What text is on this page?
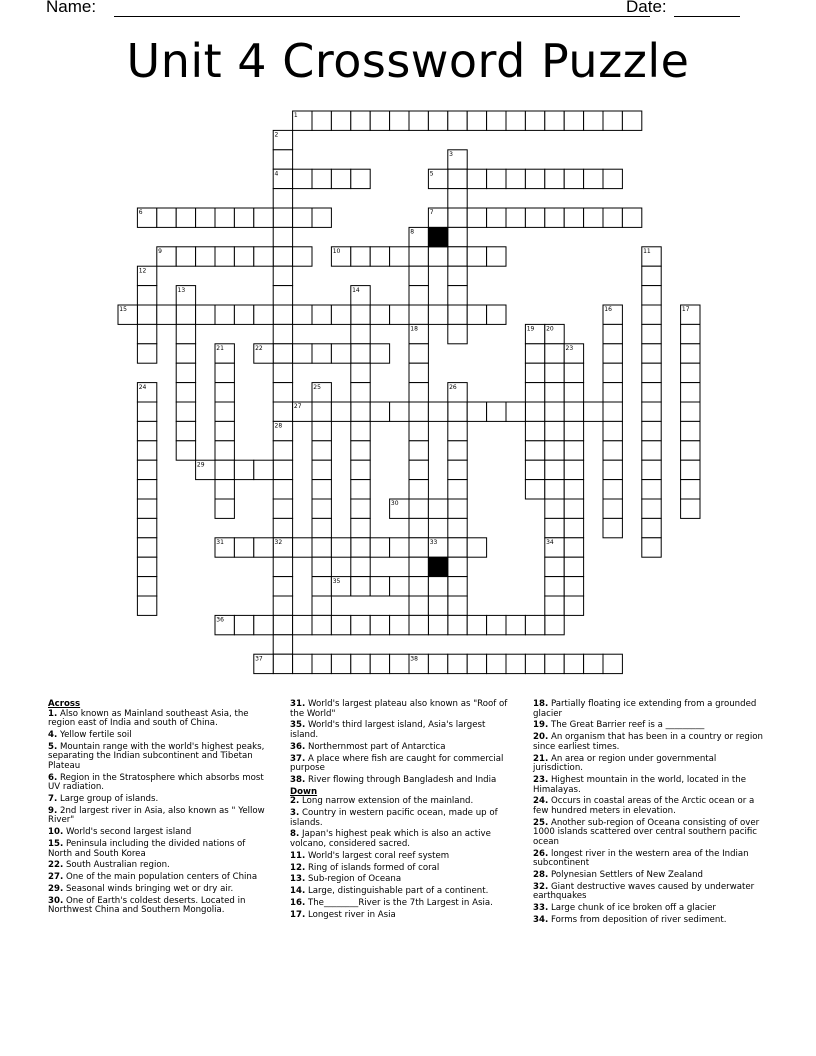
Name:	Date:
Unit 4 Crossword Puzzle
1
2
3
4	5
6	7
8
9	10	11
12
13	14
15	16	17
18	19 20
21	22	23
24	25	26
27
28
29
30
31	32	33	34
35
36
37	38
Across
1. Also known as Mainland southeast Asia, the region east of India and south of China.
4. Yellow fertile soil
5. Mountain range with the world's highest peaks, separating the Indian subcontinent and Tibetan Plateau
6. Region in the Stratosphere which absorbs most UV radiation.
7. Large group of islands.
9. 2nd largest river in Asia, also known as " Yellow River"
10. World's second largest island
15. Peninsula including the divided nations of North and South Korea
22. South Australian region.
27. One of the main population centers of China
29. Seasonal winds bringing wet or dry air.
30. One of Earth's coldest deserts. Located in Northwest China and Southern Mongolia.
31. World's largest plateau also known as "Roof of the World"
35. World's third largest island, Asia's largest island.
36. Northernmost part of Antarctica
37. A place where fish are caught for commercial purpose
38. River flowing through Bangladesh and India
Down
2. Long narrow extension of the mainland.
3. Country in western pacific ocean, made up of islands.
8. Japan's highest peak which is also an active volcano, considered sacred.
11. World's largest coral reef system
12. Ring of islands formed of coral
13. Sub-region of Oceana
14. Large, distinguishable part of a continent.
16. The________River is the 7th Largest in Asia.
17. Longest river in Asia
18. Partially floating ice extending from a grounded glacier
19. The Great Barrier reef is a _________
20. An organism that has been in a country or region since earliest times.
21. An area or region under governmental jurisdiction.
23. Highest mountain in the world, located in the Himalayas.
24. Occurs in coastal areas of the Arctic ocean or a few hundred meters in elevation.
25. Another sub-region of Oceana consisting of over 1000 islands scattered over central southern pacific ocean
26. longest river in the western area of the Indian subcontinent
28. Polynesian Settlers of New Zealand
32. Giant destructive waves caused by underwater earthquakes
33. Large chunk of ice broken off a glacier
34. Forms from deposition of river sediment.
